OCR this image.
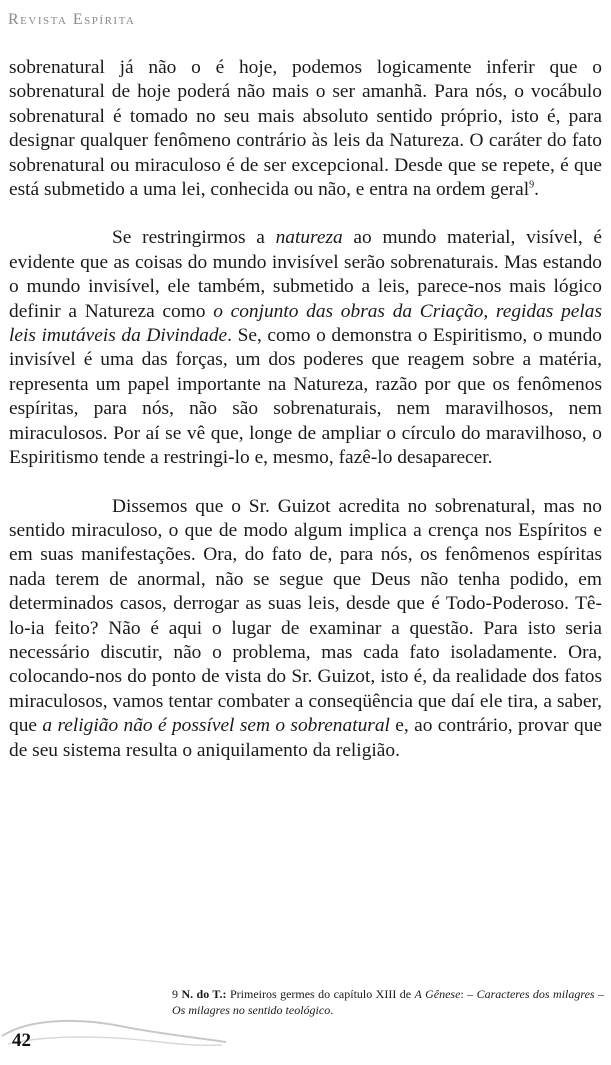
Revista Espírita

sobrenatural já não o é hoje, podemos logicamente inferir que o sobrenatural de hoje poderá não mais o ser amanhã. Para nós, o vocábulo sobrenatural é tomado no seu mais absoluto sentido próprio, isto é, para designar qualquer fenômeno contrário às leis da Natureza. O caráter do fato sobrenatural ou miraculoso é de ser excepcional. Desde que se repete, é que está submetido a uma lei, conhecida ou não, e entra na ordem geral$^9$.

Se restringirmos a natureza ao mundo material, visível, é evidente que as coisas do mundo invisível serão sobrenaturais. Mas estando o mundo invisível, ele também, submetido a leis, parece-nos mais lógico definir a Natureza como o conjunto das obras da Criação, regidas pelas leis imutáveis da Divindade. Se, como o demonstra o Espiritismo, o mundo invisível é uma das forças, um dos poderes que reagem sobre a matéria, representa um papel importante na Natureza, razão por que os fenômenos espíritas, para nós, não são sobrenaturais, nem maravilhosos, nem miraculosos. Por aí se vê que, longe de ampliar o círculo do maravilhoso, o Espiritismo tende a restringi-lo e, mesmo, fazê-lo desaparecer.

Dissemos que o Sr. Guizot acredita no sobrenatural, mas no sentido miraculoso, o que de modo algum implica a crença nos Espíritos e em suas manifestações. Ora, do fato de, para nós, os fenômenos espíritas nada terem de anormal, não se segue que Deus não tenha podido, em determinados casos, derrogar as suas leis, desde que é Todo-Poderoso. Tê-lo-ia feito? Não é aqui o lugar de examinar a questão. Para isto seria necessário discutir, não o problema, mas cada fato isoladamente. Ora, colocando-nos do ponto de vista do Sr. Guizot, isto é, da realidade dos fatos miraculosos, vamos tentar combater a conseqüência que daí ele tira, a saber, que a religião não é possível sem o sobrenatural e, ao contrário, provar que de seu sistema resulta o aniquilamento da religião.

9 N. do T.: Primeiros germes do capítulo XIII de A Gênese: – Caracteres dos milagres – Os milagres no sentido teológico.
42
